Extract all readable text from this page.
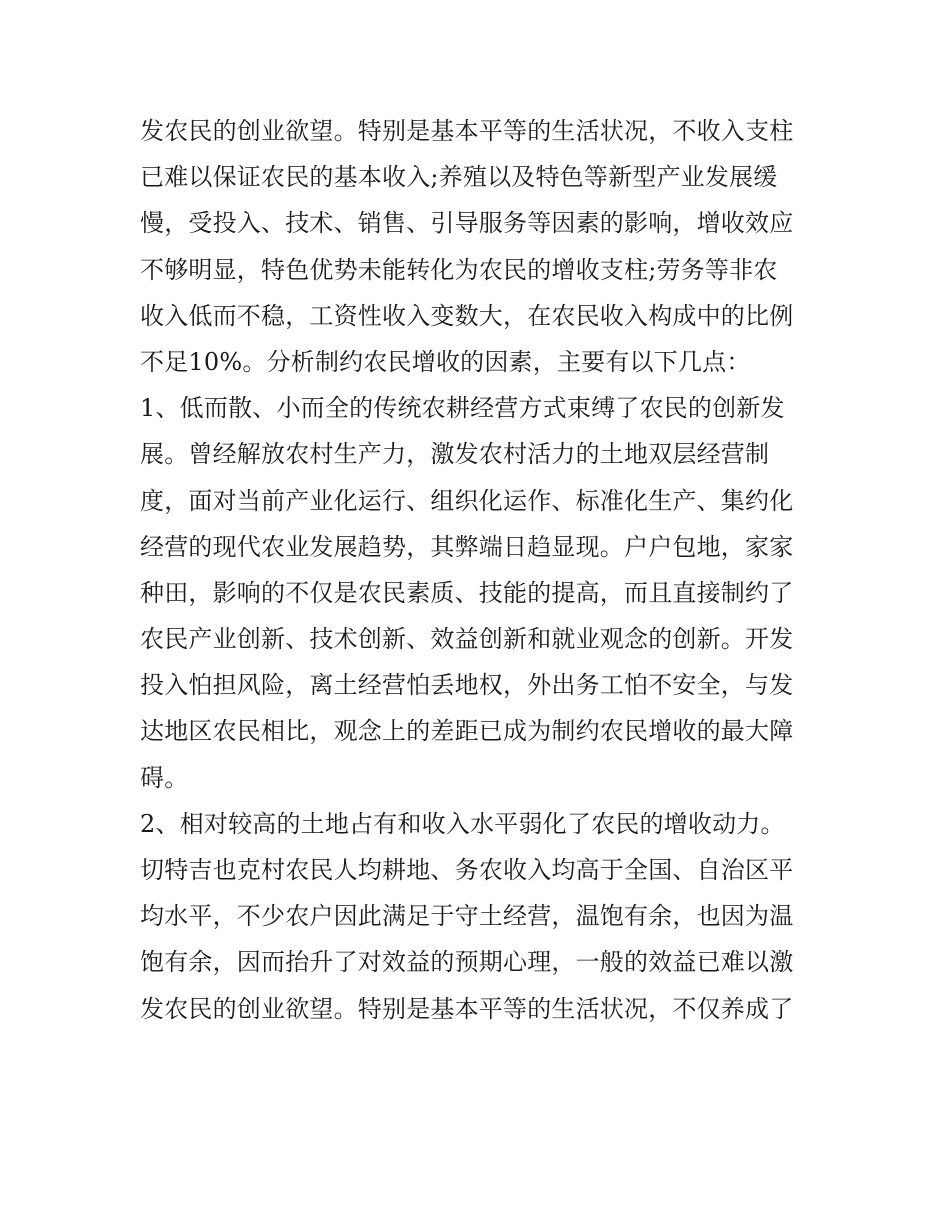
发农民的创业欲望。特别是基本平等的生活状况，不收入支柱
已难以保证农民的基本收入;养殖以及特色等新型产业发展缓
慢，受投入、技术、销售、引导服务等因素的影响，增收效应
不够明显，特色优势未能转化为农民的增收支柱;劳务等非农
收入低而不稳，工资性收入变数大，在农民收入构成中的比例
不足10%。分析制约农民增收的因素，主要有以下几点：
1、低而散、小而全的传统农耕经营方式束缚了农民的创新发
展。曾经解放农村生产力，激发农村活力的土地双层经营制
度，面对当前产业化运行、组织化运作、标准化生产、集约化
经营的现代农业发展趋势，其弊端日趋显现。户户包地，家家
种田，影响的不仅是农民素质、技能的提高，而且直接制约了
农民产业创新、技术创新、效益创新和就业观念的创新。开发
投入怕担风险，离土经营怕丢地权，外出务工怕不安全，与发
达地区农民相比，观念上的差距已成为制约农民增收的最大障
碍。
2、相对较高的土地占有和收入水平弱化了农民的增收动力。
切特吉也克村农民人均耕地、务农收入均高于全国、自治区平
均水平，不少农户因此满足于守土经营，温饱有余，也因为温
饱有余，因而抬升了对效益的预期心理，一般的效益已难以激
发农民的创业欲望。特别是基本平等的生活状况，不仅养成了
